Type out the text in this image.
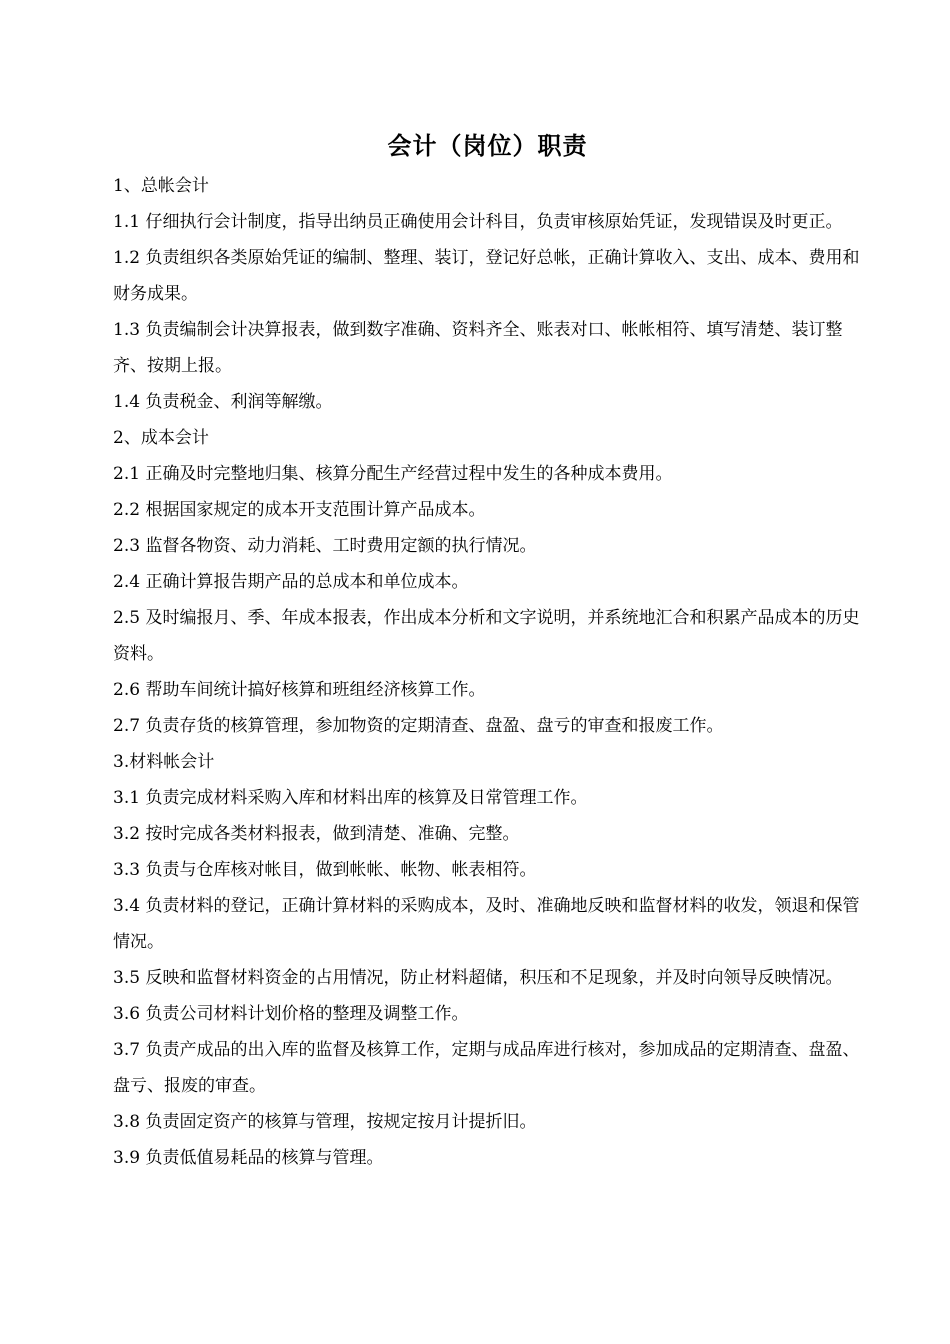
会计（岗位）职责

1、总帐会计

1.1 仔细执行会计制度，指导出纳员正确使用会计科目，负责审核原始凭证，发现错误及时更正。

1.2 负责组织各类原始凭证的编制、整理、装订，登记好总帐，正确计算收入、支出、成本、费用和财务成果。

1.3 负责编制会计决算报表，做到数字准确、资料齐全、账表对口、帐帐相符、填写清楚、装订整齐、按期上报。

1.4 负责税金、利润等解缴。

2、成本会计

2.1 正确及时完整地归集、核算分配生产经营过程中发生的各种成本费用。

2.2 根据国家规定的成本开支范围计算产品成本。

2.3 监督各物资、动力消耗、工时费用定额的执行情况。

2.4 正确计算报告期产品的总成本和单位成本。

2.5 及时编报月、季、年成本报表，作出成本分析和文字说明，并系统地汇合和积累产品成本的历史资料。

2.6 帮助车间统计搞好核算和班组经济核算工作。

2.7 负责存货的核算管理，参加物资的定期清查、盘盈、盘亏的审查和报废工作。

3.材料帐会计

3.1 负责完成材料采购入库和材料出库的核算及日常管理工作。

3.2 按时完成各类材料报表，做到清楚、准确、完整。

3.3 负责与仓库核对帐目，做到帐帐、帐物、帐表相符。

3.4 负责材料的登记，正确计算材料的采购成本，及时、准确地反映和监督材料的收发，领退和保管情况。

3.5 反映和监督材料资金的占用情况，防止材料超储，积压和不足现象，并及时向领导反映情况。

3.6 负责公司材料计划价格的整理及调整工作。

3.7 负责产成品的出入库的监督及核算工作，定期与成品库进行核对，参加成品的定期清查、盘盈、盘亏、报废的审查。

3.8 负责固定资产的核算与管理，按规定按月计提折旧。

3.9 负责低值易耗品的核算与管理。
